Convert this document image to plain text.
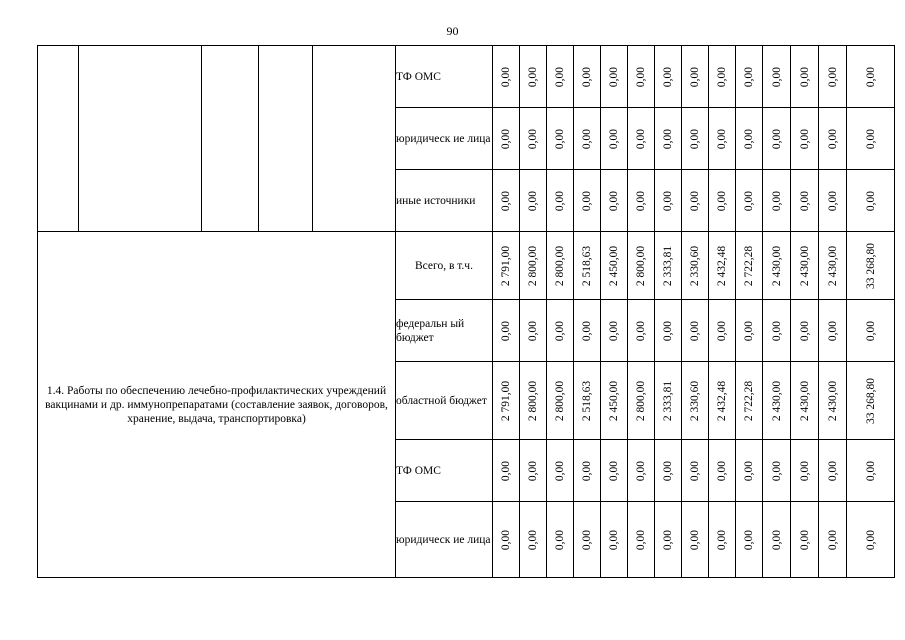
90
					ТФ ОМС	0,00	0,00	0,00	0,00	0,00	0,00	0,00	0,00	0,00	0,00	0,00	0,00	0,00	0,00

					юридическ ие лица	0,00	0,00	0,00	0,00	0,00	0,00	0,00	0,00	0,00	0,00	0,00	0,00	0,00	0,00

					иные источники	0,00	0,00	0,00	0,00	0,00	0,00	0,00	0,00	0,00	0,00	0,00	0,00	0,00	0,00

1.4. Работы по обеспечению лечебно-профилактических учреждений вакцинами и др. иммунопрепаратами (составление заявок, договоров, хранение, выдача, транспортировка)					Всего, в т.ч.	2 791,00	2 800,00	2 800,00	2 518,63	2 450,00	2 800,00	2 333,81	2 330,60	2 432,48	2 722,28	2 430,00	2 430,00	2 430,00	33 268,80

					федеральн ый бюджет	0,00	0,00	0,00	0,00	0,00	0,00	0,00	0,00	0,00	0,00	0,00	0,00	0,00	0,00

					областной бюджет	2 791,00	2 800,00	2 800,00	2 518,63	2 450,00	2 800,00	2 333,81	2 330,60	2 432,48	2 722,28	2 430,00	2 430,00	2 430,00	33 268,80

					ТФ ОМС	0,00	0,00	0,00	0,00	0,00	0,00	0,00	0,00	0,00	0,00	0,00	0,00	0,00	0,00

					юридическ ие лица	0,00	0,00	0,00	0,00	0,00	0,00	0,00	0,00	0,00	0,00	0,00	0,00	0,00	0,00
